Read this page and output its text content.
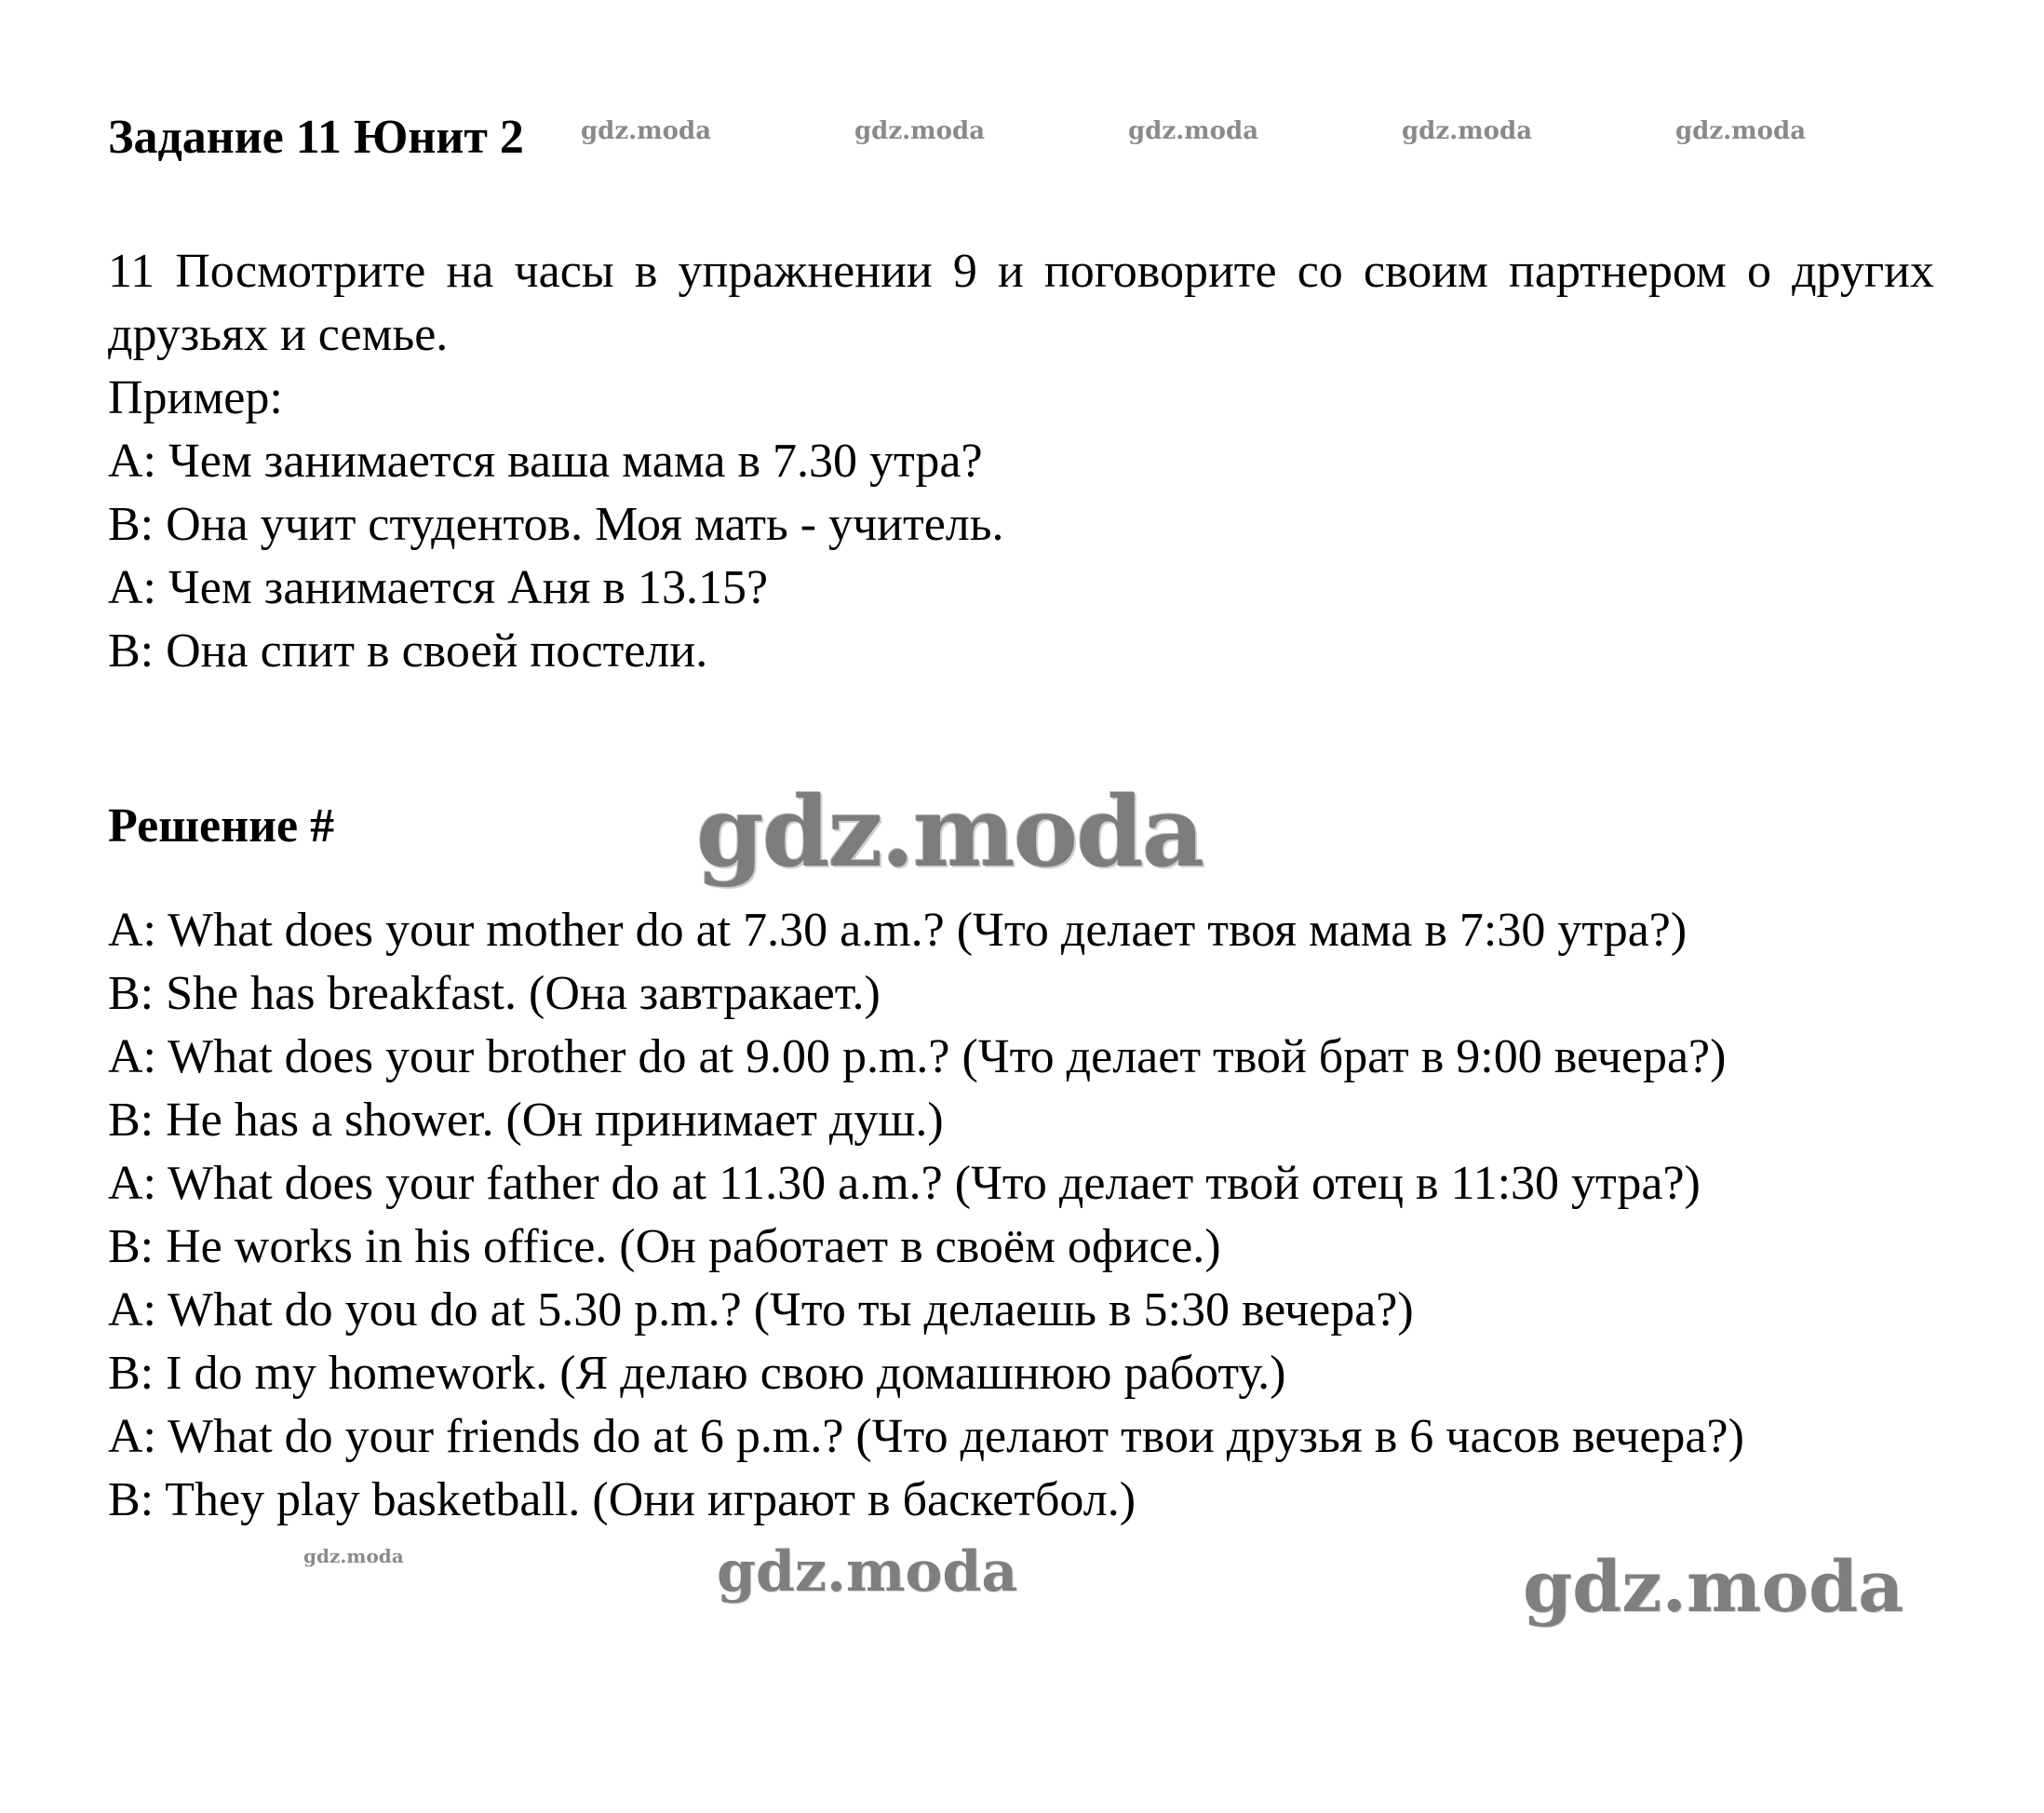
Задание 11 Юнит 2 gdz.moda	gdz.moda	gdz.moda	gdz.moda	gdz.moda

11 Посмотрите на часы в упражнении 9 и поговорите со своим партнером о других друзьях и семье.

Пример:

A: Чем занимается ваша мама в 7.30 утра?

B: Она учит студентов. Моя мать - учитель.

A: Чем занимается Аня в 13.15?

B: Она спит в своей постели.

Решение #	gdz.moda

A: What does your mother do at 7.30 a.m.? (Что делает твоя мама в 7:30 утра?)

B: She has breakfast. (Она завтракает.)

A: What does your brother do at 9.00 p.m.? (Что делает твой брат в 9:00 вечера?)

B: He has a shower. (Он принимает душ.)

A: What does your father do at 11.30 a.m.? (Что делает твой отец в 11:30 утра?)

B: He works in his office. (Он работает в своём офисе.)

A: What do you do at 5.30 p.m.? (Что ты делаешь в 5:30 вечера?)

B: I do my homework. (Я делаю свою домашнюю работу.)

A: What do your friends do at 6 p.m.? (Что делают твои друзья в 6 часов вечера?)

B: They play basketball. (Они играют в баскетбол.)

gdz.moda	gdz.moda	gdz.moda
